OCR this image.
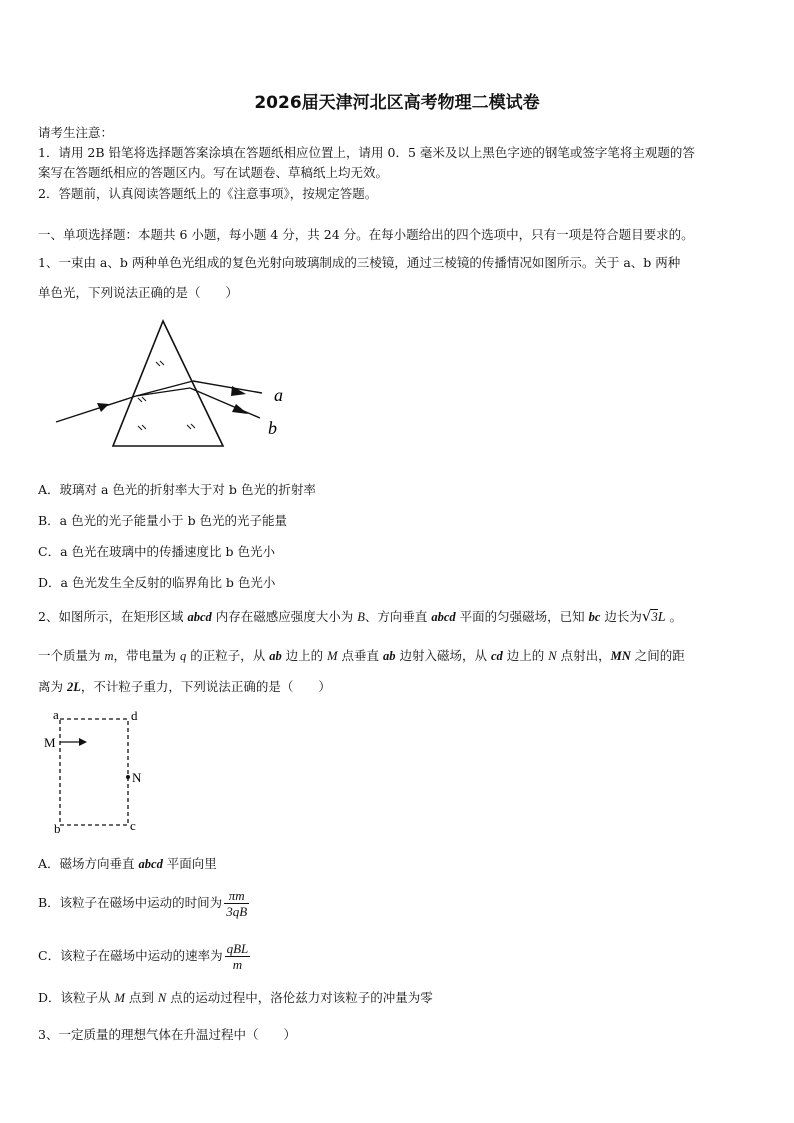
2026届天津河北区高考物理二模试卷
请考生注意：
1．请用 2B 铅笔将选择题答案涂填在答题纸相应位置上，请用 0．5 毫米及以上黑色字迹的钢笔或签字笔将主观题的答
案写在答题纸相应的答题区内。写在试题卷、草稿纸上均无效。
2．答题前，认真阅读答题纸上的《注意事项》，按规定答题。
一、单项选择题：本题共 6 小题，每小题 4 分，共 24 分。在每小题给出的四个选项中，只有一项是符合题目要求的。
1、一束由 a、b 两种单色光组成的复色光射向玻璃制成的三棱镜，通过三棱镜的传播情况如图所示。关于 a、b 两种
单色光，下列说法正确的是（　　）
a
b
A．玻璃对 a 色光的折射率大于对 b 色光的折射率
B．a 色光的光子能量小于 b 色光的光子能量
C．a 色光在玻璃中的传播速度比 b 色光小
D．a 色光发生全反射的临界角比 b 色光小
2、如图所示，在矩形区域 abcd 内存在磁感应强度大小为 B、方向垂直 abcd 平面的匀强磁场，已知 bc 边长为√3L 。
一个质量为 m，带电量为 q 的正粒子，从 ab 边上的 M 点垂直 ab 边射入磁场，从 cd 边上的 N 点射出，MN 之间的距
离为 2L，不计粒子重力，下列说法正确的是（　　）
a	d
M
N
b	c
A．磁场方向垂直 abcd 平面向里
B．该粒子在磁场中运动的时间为 $\frac{\pi m}{3qB}$
C．该粒子在磁场中运动的速率为 $\frac{\text{qBL}}{m}$
D．该粒子从 M 点到 N 点的运动过程中，洛伦兹力对该粒子的冲量为零
3、一定质量的理想气体在升温过程中（　　）
